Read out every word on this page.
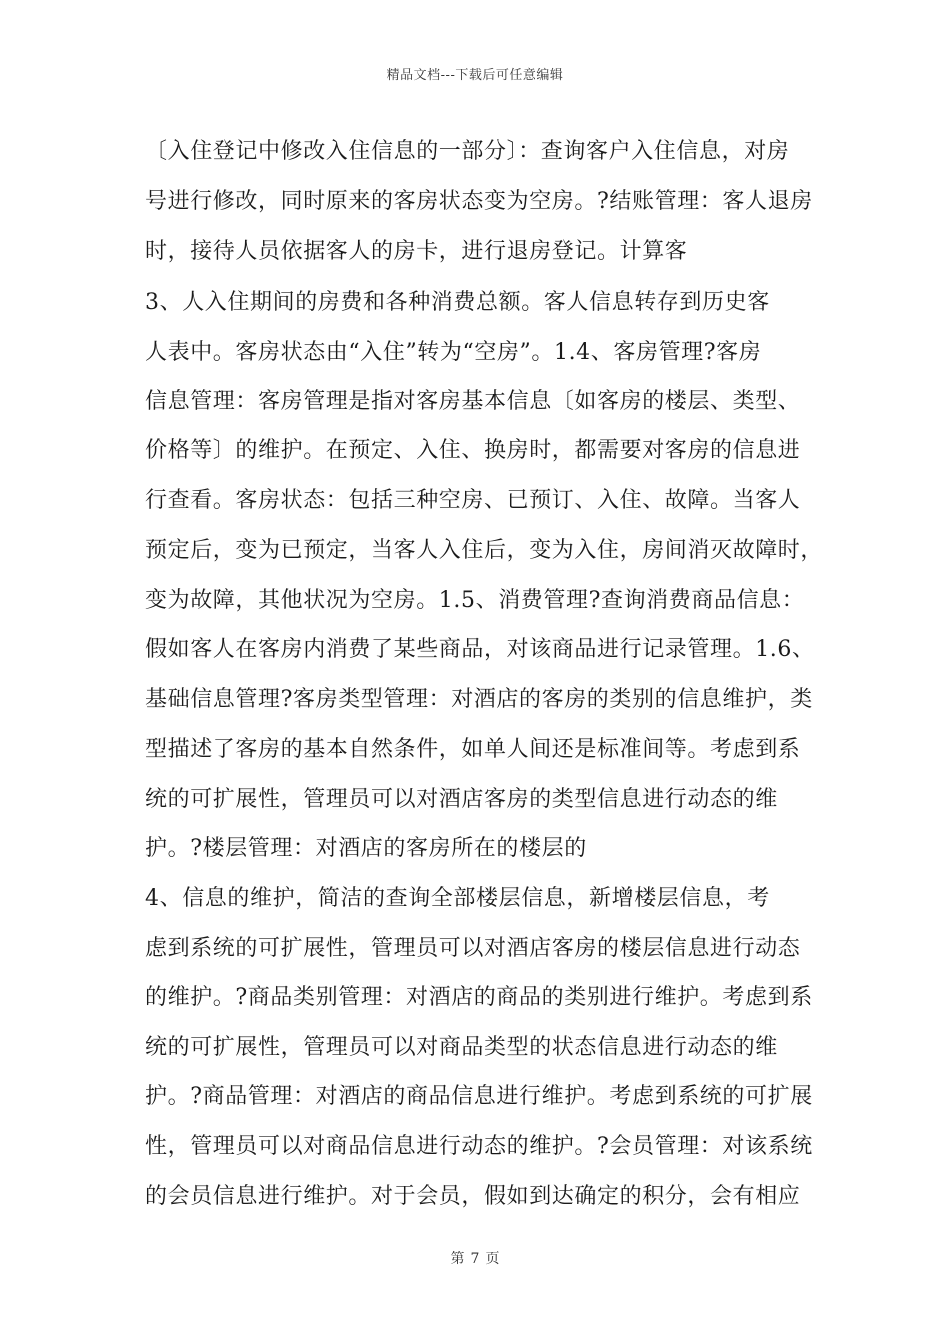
精品文档---下载后可任意编辑
〔入住登记中修改入住信息的一部分〕：查询客户入住信息，对房
号进行修改，同时原来的客房状态变为空房。?结账管理：客人退房
时，接待人员依据客人的房卡，进行退房登记。计算客
3、人入住期间的房费和各种消费总额。客人信息转存到历史客
人表中。客房状态由“入住”转为“空房”。1.4、客房管理?客房
信息管理：客房管理是指对客房基本信息〔如客房的楼层、类型、
价格等〕的维护。在预定、入住、换房时，都需要对客房的信息进
行查看。客房状态：包括三种空房、已预订、入住、故障。当客人
预定后，变为已预定，当客人入住后，变为入住，房间消灭故障时，
变为故障，其他状况为空房。1.5、消费管理?查询消费商品信息：
假如客人在客房内消费了某些商品，对该商品进行记录管理。1.6、
基础信息管理?客房类型管理：对酒店的客房的类别的信息维护，类
型描述了客房的基本自然条件，如单人间还是标准间等。考虑到系
统的可扩展性，管理员可以对酒店客房的类型信息进行动态的维
护。?楼层管理：对酒店的客房所在的楼层的
4、信息的维护，简洁的查询全部楼层信息，新增楼层信息，考
虑到系统的可扩展性，管理员可以对酒店客房的楼层信息进行动态
的维护。?商品类别管理：对酒店的商品的类别进行维护。考虑到系
统的可扩展性，管理员可以对商品类型的状态信息进行动态的维
护。?商品管理：对酒店的商品信息进行维护。考虑到系统的可扩展
性，管理员可以对商品信息进行动态的维护。?会员管理：对该系统
的会员信息进行维护。对于会员，假如到达确定的积分，会有相应
第 7 页
